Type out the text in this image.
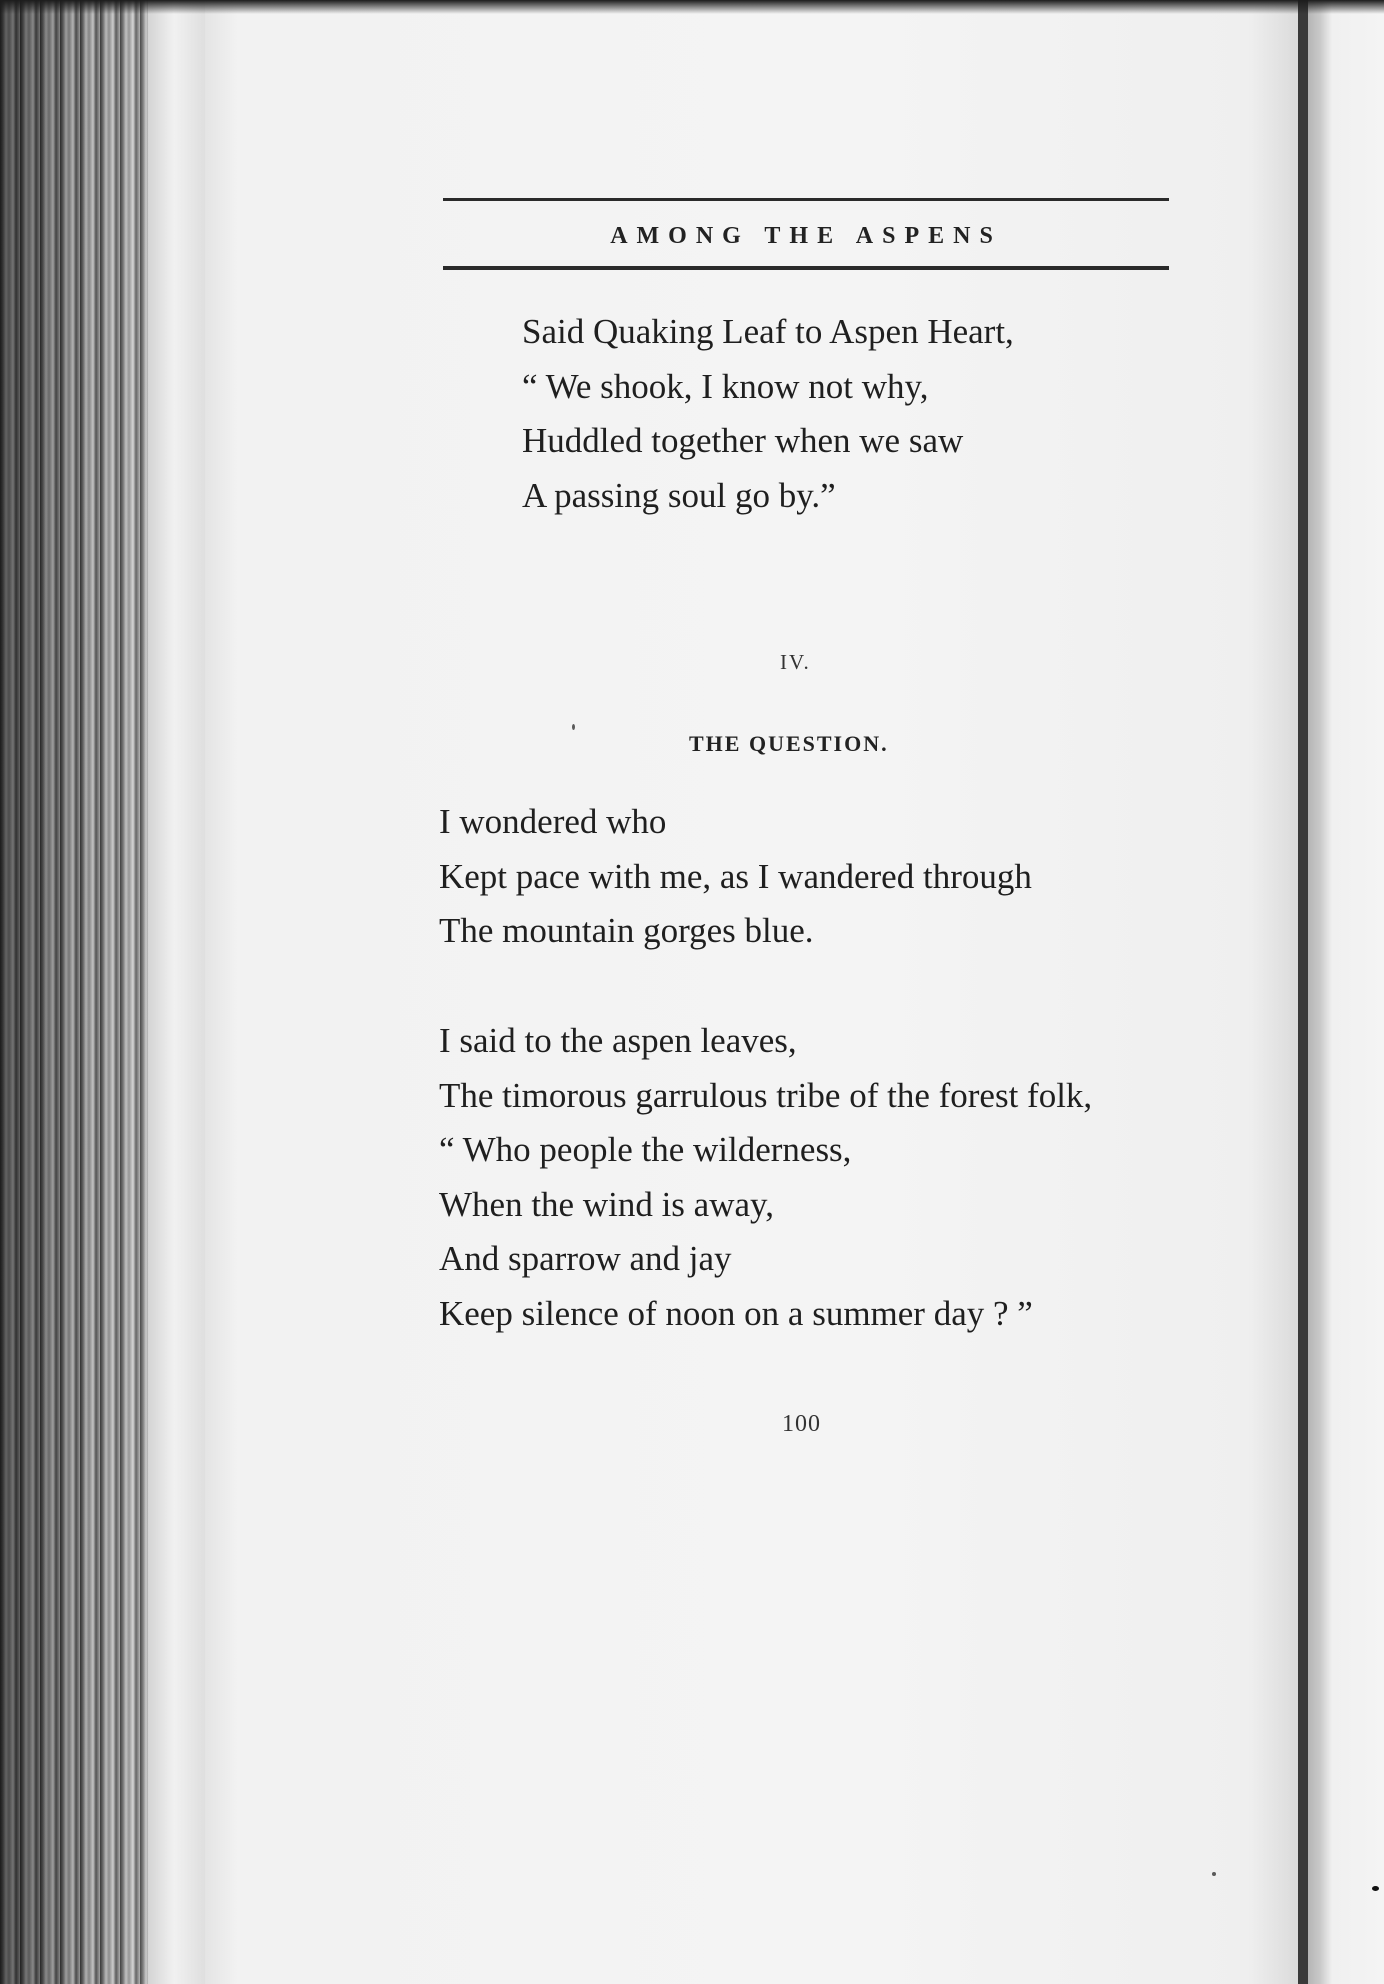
AMONG THE ASPENS
Said Quaking Leaf to Aspen Heart,
“ We shook, I know not why,
Huddled together when we saw
A passing soul go by.”
IV.
THE QUESTION.
I wondered who
Kept pace with me, as I wandered through
The mountain gorges blue.
I said to the aspen leaves,
The timorous garrulous tribe of the forest folk,
“ Who people the wilderness,
When the wind is away,
And sparrow and jay
Keep silence of noon on a summer day ? ”
100
